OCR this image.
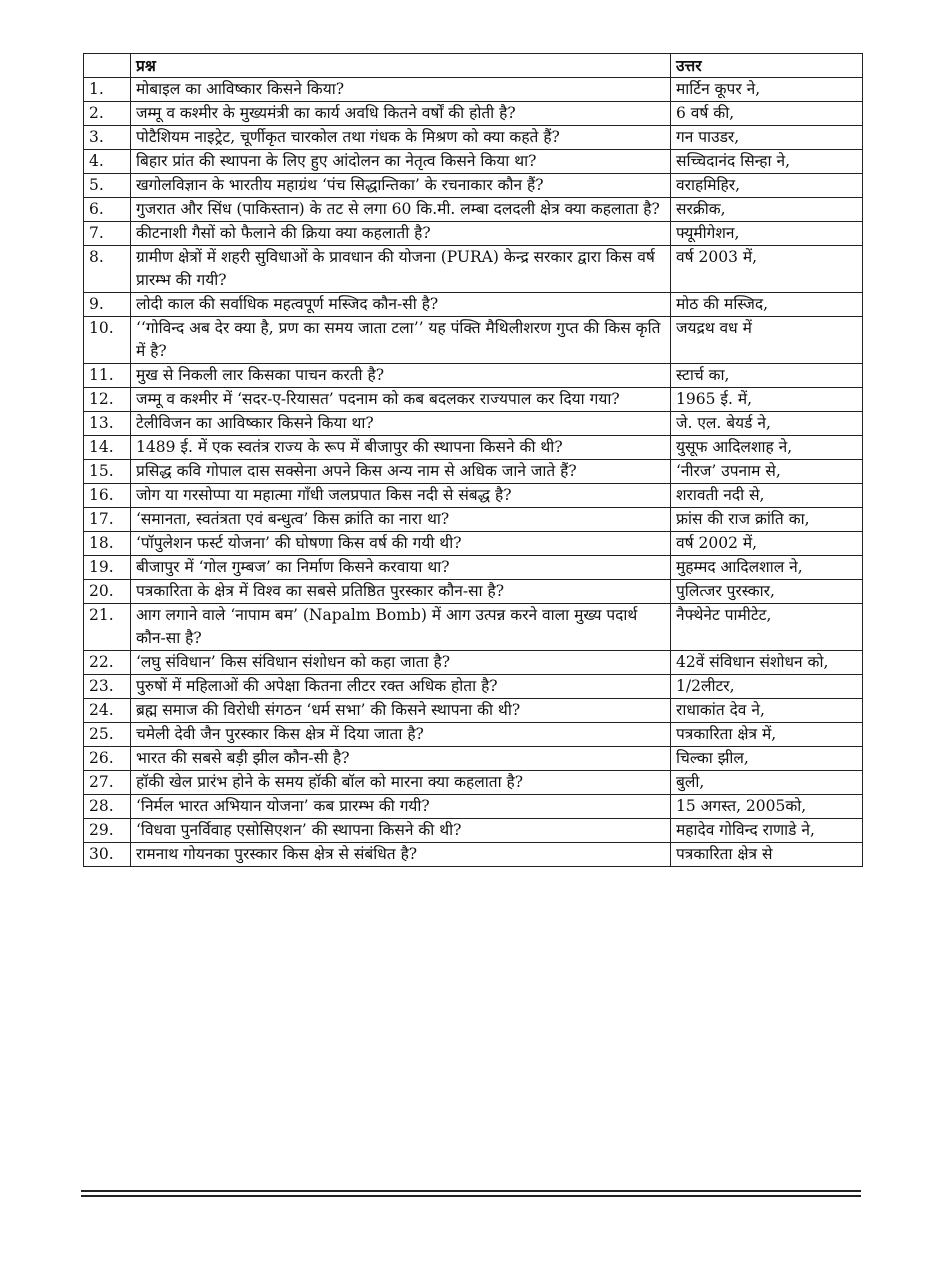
	प्रश्न	उत्तर
1.	मोबाइल का आविष्कार किसने किया?	मार्टिन कूपर ने,
2.	जम्मू व कश्मीर के मुख्यमंत्री का कार्य अवधि कितने वर्षों की होती है?	6 वर्ष की,
3.	पोटैशियम नाइट्रेट, चूर्णीकृत चारकोल तथा गंधक के मिश्रण को क्या कहते हैं?	गन पाउडर,
4.	बिहार प्रांत की स्थापना के लिए हुए आंदोलन का नेतृत्व किसने किया था?	सच्चिदानंद सिन्हा ने,
5.	खगोलविज्ञान के भारतीय महाग्रंथ ‘पंच सिद्धान्तिका’ के रचनाकार कौन हैं?	वराहमिहिर,
6.	गुजरात और सिंध (पाकिस्तान) के तट से लगा 60 कि.मी. लम्बा दलदली क्षेत्र क्या कहलाता है?	सरक्रीक,
7.	कीटनाशी गैसों को फैलाने की क्रिया क्या कहलाती है?	फ्यूमीगेशन,
8.	ग्रामीण क्षेत्रों में शहरी सुविधाओं के प्रावधान की योजना (PURA) केन्द्र सरकार द्वारा किस वर्ष प्रारम्भ की गयी?	वर्ष 2003 में,
9.	लोदी काल की सर्वाधिक महत्वपूर्ण मस्जिद कौन-सी है?	मोठ की मस्जिद,
10.	‘‘गोविन्द अब देर क्या है, प्रण का समय जाता टला’’ यह पंक्ति मैथिलीशरण गुप्त की किस कृति में है?	जयद्रथ वध में
11.	मुख से निकली लार किसका पाचन करती है?	स्टार्च का,
12.	जम्मू व कश्मीर में ‘सदर-ए-रियासत’ पदनाम को कब बदलकर राज्यपाल कर दिया गया?	1965 ई. में,
13.	टेलीविजन का आविष्कार किसने किया था?	जे. एल. बेयर्ड ने,
14.	1489 ई. में एक स्वतंत्र राज्य के रूप में बीजापुर की स्थापना किसने की थी?	युसूफ आदिलशाह ने,
15.	प्रसिद्ध कवि गोपाल दास सक्सेना अपने किस अन्य नाम से अधिक जाने जाते हैं?	‘नीरज’ उपनाम से,
16.	जोग या गरसोप्पा या महात्मा गाँधी जलप्रपात किस नदी से संबद्ध है?	शरावती नदी से,
17.	‘समानता, स्वतंत्रता एवं बन्धुत्व’ किस क्रांति का नारा था?	फ्रांस की राज क्रांति का,
18.	‘पॉपुलेशन फर्स्ट योजना’ की घोषणा किस वर्ष की गयी थी?	वर्ष 2002 में,
19.	बीजापुर में ‘गोल गुम्बज’ का निर्माण किसने करवाया था?	मुहम्मद आदिलशाल ने,
20.	पत्रकारिता के क्षेत्र में विश्व का सबसे प्रतिष्ठित पुरस्कार कौन-सा है?	पुलित्जर पुरस्कार,
21.	आग लगाने वाले ‘नापाम बम’ (Napalm Bomb) में आग उत्पन्न करने वाला मुख्य पदार्थ कौन-सा है?	नैफ्थेनेट पामीटेट,
22.	‘लघु संविधान’ किस संविधान संशोधन को कहा जाता है?	42वें संविधान संशोधन को,
23.	पुरुषों में महिलाओं की अपेक्षा कितना लीटर रक्त अधिक होता है?	1/2लीटर,
24.	ब्रह्म समाज की विरोधी संगठन ‘धर्म सभा’ की किसने स्थापना की थी?	राधाकांत देव ने,
25.	चमेली देवी जैन पुरस्कार किस क्षेत्र में दिया जाता है?	पत्रकारिता क्षेत्र में,
26.	भारत की सबसे बड़ी झील कौन-सी है?	चिल्का झील,
27.	हॉकी खेल प्रारंभ होने के समय हॉकी बॉल को मारना क्या कहलाता है?	बुली,
28.	‘निर्मल भारत अभियान योजना’ कब प्रारम्भ की गयी?	15 अगस्त, 2005को,
29.	‘विधवा पुनर्विवाह एसोसिएशन’ की स्थापना किसने की थी?	महादेव गोविन्द राणाडे ने,
30.	रामनाथ गोयनका पुरस्कार किस क्षेत्र से संबंधित है?	पत्रकारिता क्षेत्र से
